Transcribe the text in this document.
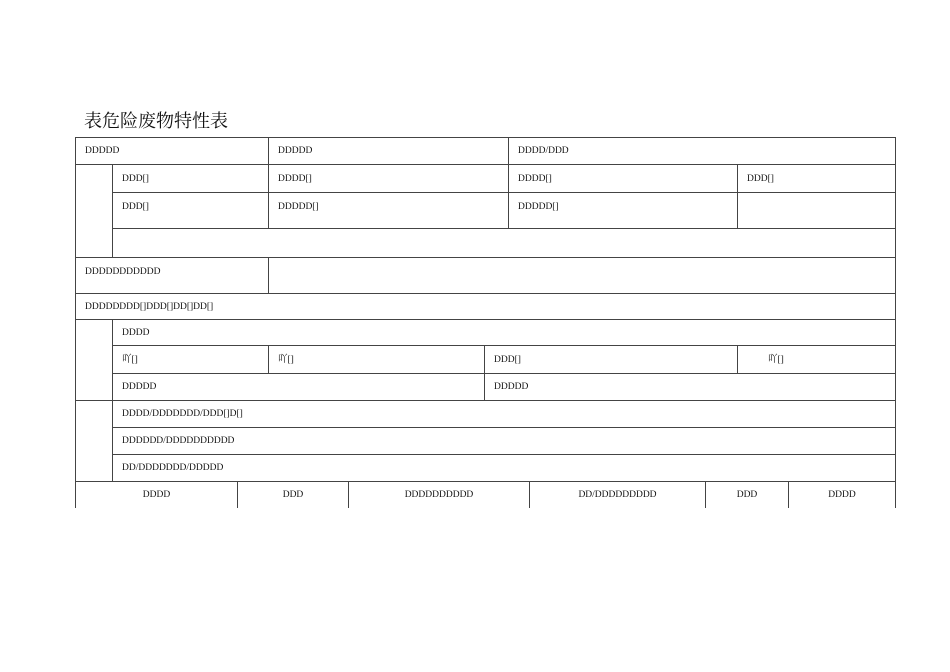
表危险废物特性表
DDDDD	DDDDD	DDDD/DDD
DDD[]	DDDD[]	DDDD[]	DDD[]
DDD[]	DDDDD[]	DDDDD[]
DDDDDDDDDDD
DDDDDDDD[]DDD[]DD[]DD[]
DDDD
吖[]	吖[]	DDD[]	吖[]
DDDDD	DDDDD
DDDD/DDDDDDD/DDD[]D[]
DDDDDD/DDDDDDDDDD
DD/DDDDDDD/DDDDD
DDDD	DDD	DDDDDDDDDD	DD/DDDDDDDDD	DDD	DDDD
